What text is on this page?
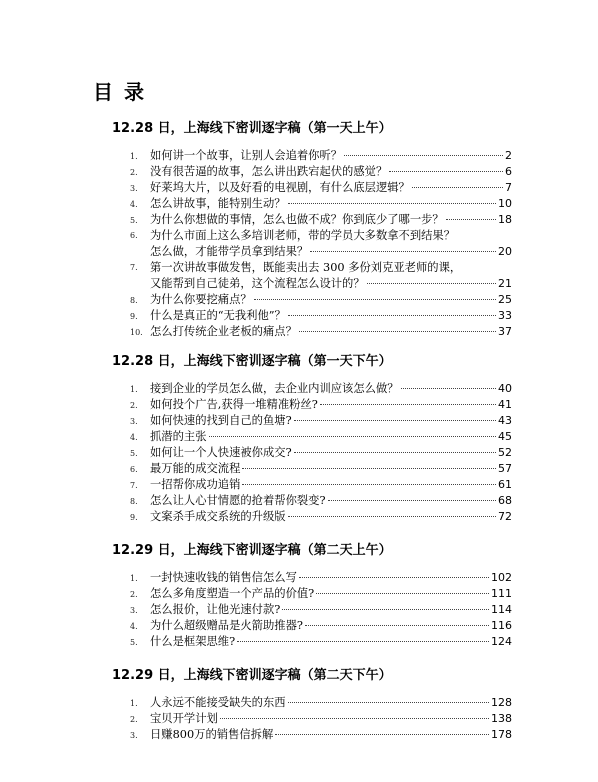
目 录
12.28 日，上海线下密训逐字稿（第一天上午）
1.	如何讲一个故事，让别人会追着你听？	2
2.	没有很苦逼的故事，怎么讲出跌宕起伏的感觉？	6
3.	好莱坞大片，以及好看的电视剧，有什么底层逻辑？	7
4.	怎么讲故事，能特别生动？	10
5.	为什么你想做的事情，怎么也做不成？你到底少了哪一步？	18
6.	为什么市面上这么多培训老师，带的学员大多数拿不到结果？
怎么做，才能带学员拿到结果？	20
7.	第一次讲故事做发售，既能卖出去 300 多份刘克亚老师的课，
又能帮到自己徒弟，这个流程怎么设计的？	21
8.	为什么你要挖痛点？	25
9.	什么是真正的“无我利他”？	33
10. 怎么打传统企业老板的痛点？	37
12.28 日，上海线下密训逐字稿（第一天下午）
1.	接到企业的学员怎么做，去企业内训应该怎么做？	40
2.	如何投个广告,获得一堆精准粉丝?	41
3.	如何快速的找到自己的鱼塘?	43
4.	抓潜的主张	45
5.	如何让一个人快速被你成交?	52
6.	最万能的成交流程	57
7.	一招帮你成功追销	61
8.	怎么让人心甘情愿的抢着帮你裂变?	68
9.	文案杀手成交系统的升级版	72
12.29 日，上海线下密训逐字稿（第二天上午）
1.	一封快速收钱的销售信怎么写	102
2.	怎么多角度塑造一个产品的价值?	111
3.	怎么报价，让他光速付款?	114
4.	为什么超级赠品是火箭助推器?	116
5.	什么是框架思维?	124
12.29 日，上海线下密训逐字稿（第二天下午）
1.	人永远不能接受缺失的东西	128
2.	宝贝开学计划	138
3.	日赚800万的销售信拆解	178
